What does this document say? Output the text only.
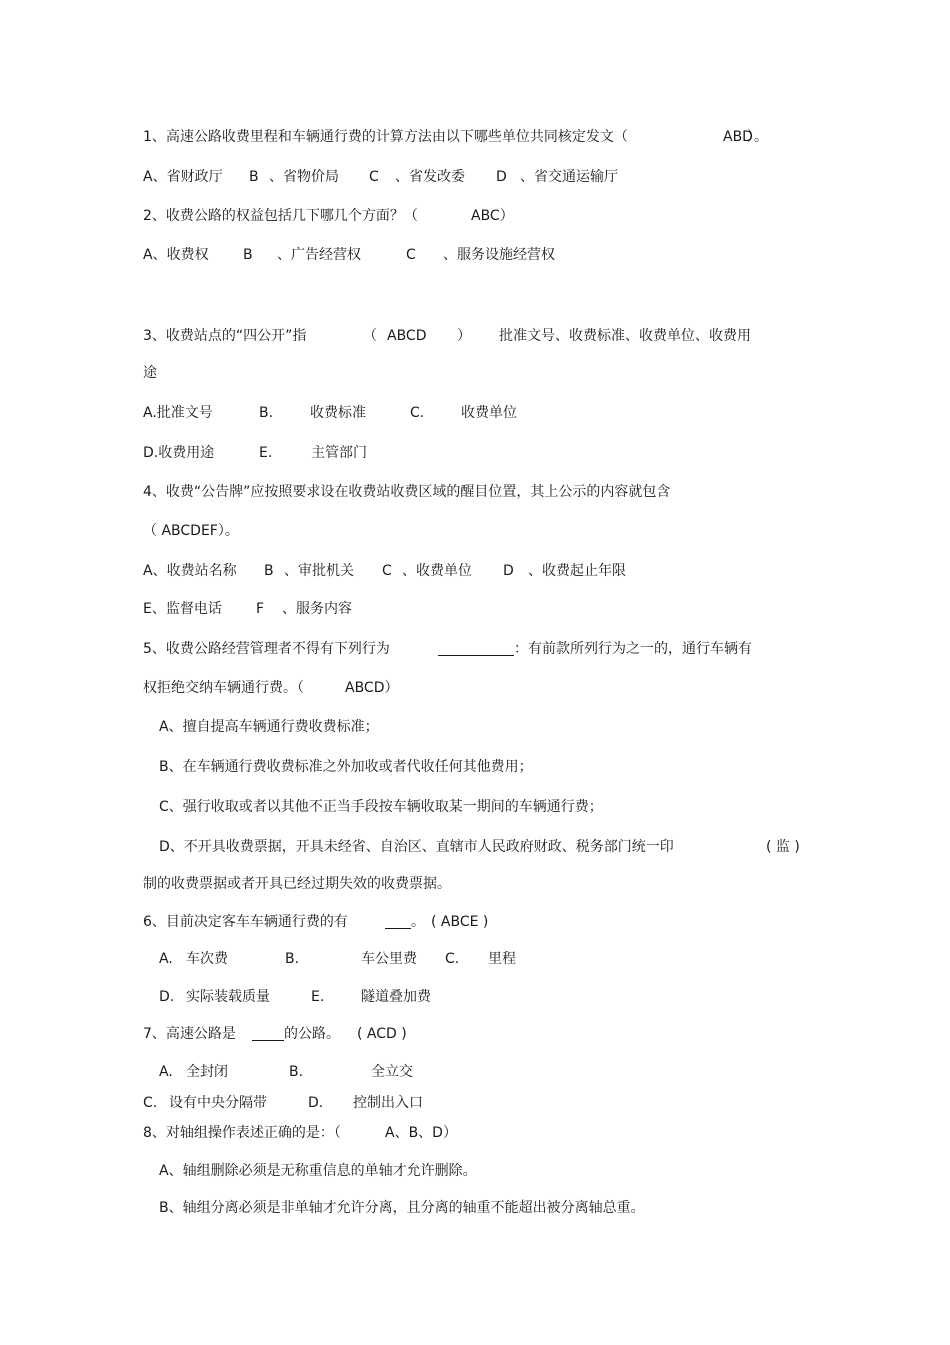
1、高速公路收费里程和车辆通行费的计算方法由以下哪些单位共同核定发文（	ABD
）。
A、省财政厅 B 、省物价局 C 、省发改委 D 、省交通运输厅
2、收费公路的权益包括几下哪几个方面？（	ABC）
A、收费权 B 、广告经营权	C 、服务设施经营权
3、收费站点的“四公开”指	（ ABCD ） 批准文号、收费标准、收费单位、收费用
途
A.批准文号	B.	收费标准	C.	收费单位
D.收费用途	E.	主管部门
4、收费“公告牌”应按照要求设在收费站收费区域的醒目位置，其上公示的内容就包含
（ ABCDEF）。
A、收费站名称 B 、审批机关 C 、收费单位 D 、收费起止年限
E、监督电话 F 、服务内容
5、收费公路经营管理者不得有下列行为	：有前款所列行为之一的，通行车辆有
权拒绝交纳车辆通行费。（	ABCD）
A、擅自提高车辆通行费收费标准；
B、在车辆通行费收费标准之外加收或者代收任何其他费用；
C、强行收取或者以其他不正当手段按车辆收取某一期间的车辆通行费；
D、不开具收费票据，开具未经省、自治区、直辖市人民政府财政、税务部门统一印	( 监 )
制的收费票据或者开具已经过期失效的收费票据。
6、目前决定客车车辆通行费的有	。 ( ABCE )
A. 车次费	B.	车公里费 C. 里程
D. 实际装载质量	E.	隧道叠加费
7、高速公路是	的公路。 ( ACD )
A. 全封闭	B.	全立交
C. 设有中央分隔带	D. 控制出入口
8、对轴组操作表述正确的是：（	A、B、D）
A、轴组删除必须是无称重信息的单轴才允许删除。
B、轴组分离必须是非单轴才允许分离，且分离的轴重不能超出被分离轴总重。
